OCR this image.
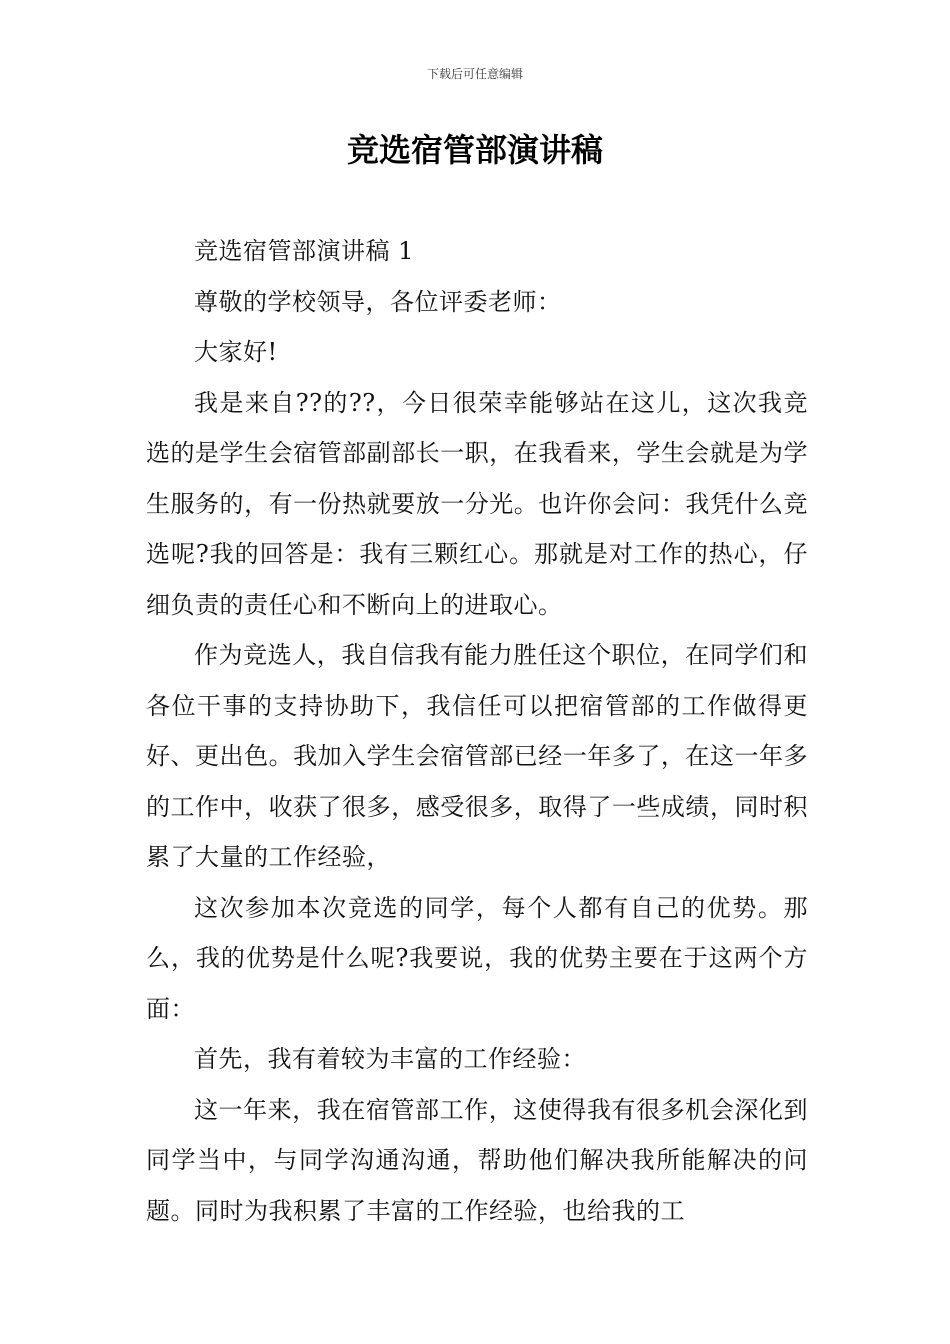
下载后可任意编辑
竞选宿管部演讲稿

竞选宿管部演讲稿 1

尊敬的学校领导，各位评委老师：

大家好!

我是来自??的??，今日很荣幸能够站在这儿，这次我竞选的是学生会宿管部副部长一职，在我看来，学生会就是为学生服务的，有一份热就要放一分光。也许你会问：我凭什么竞选呢?我的回答是：我有三颗红心。那就是对工作的热心，仔细负责的责任心和不断向上的进取心。

作为竞选人，我自信我有能力胜任这个职位，在同学们和各位干事的支持协助下，我信任可以把宿管部的工作做得更好、更出色。我加入学生会宿管部已经一年多了，在这一年多的工作中，收获了很多，感受很多，取得了一些成绩，同时积累了大量的工作经验，

这次参加本次竞选的同学，每个人都有自己的优势。那么，我的优势是什么呢?我要说，我的优势主要在于这两个方面：

首先，我有着较为丰富的工作经验：

这一年来，我在宿管部工作，这使得我有很多机会深化到同学当中，与同学沟通沟通，帮助他们解决我所能解决的问题。同时为我积累了丰富的工作经验，也给我的工
